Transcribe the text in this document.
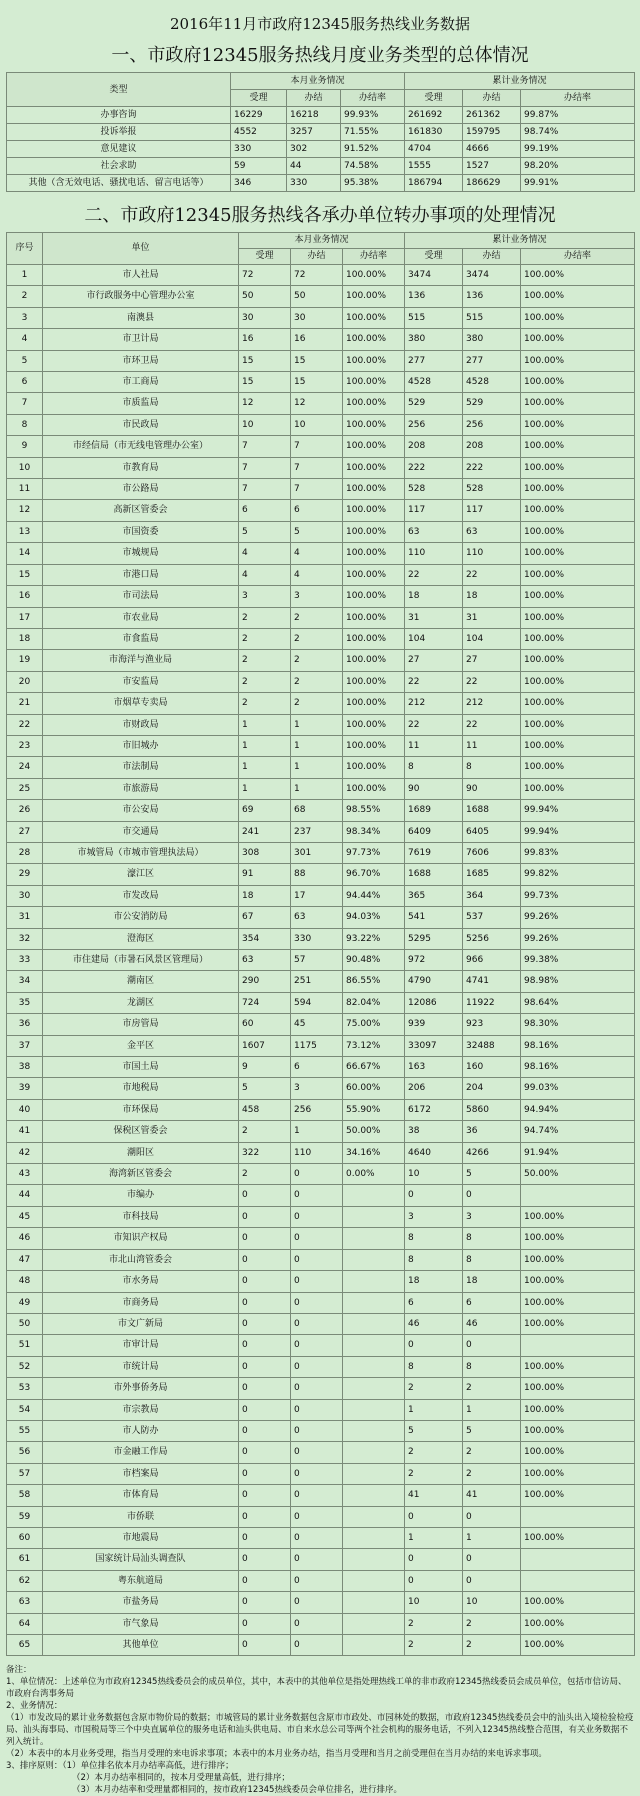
2016年11月市政府12345服务热线业务数据
一、市政府12345服务热线月度业务类型的总体情况
类型	本月业务情况			累计业务情况		
	受理	办结	办结率	受理	办结	办结率
办事咨询	16229	16218	99.93%	261692	261362	99.87%
投诉举报	4552	3257	71.55%	161830	159795	98.74%
意见建议	330	302	91.52%	4704	4666	99.19%
社会求助	59	44	74.58%	1555	1527	98.20%
其他（含无效电话、骚扰电话、留言电话等）	346	330	95.38%	186794	186629	99.91%
二、市政府12345服务热线各承办单位转办事项的处理情况
序号	单位	本月业务情况			累计业务情况		
		受理	办结	办结率	受理	办结	办结率
1	市人社局	72	72	100.00%	3474	3474	100.00%
2	市行政服务中心管理办公室	50	50	100.00%	136	136	100.00%
3	南澳县	30	30	100.00%	515	515	100.00%
4	市卫计局	16	16	100.00%	380	380	100.00%
5	市环卫局	15	15	100.00%	277	277	100.00%
6	市工商局	15	15	100.00%	4528	4528	100.00%
7	市质监局	12	12	100.00%	529	529	100.00%
8	市民政局	10	10	100.00%	256	256	100.00%
9	市经信局（市无线电管理办公室）	7	7	100.00%	208	208	100.00%
10	市教育局	7	7	100.00%	222	222	100.00%
11	市公路局	7	7	100.00%	528	528	100.00%
12	高新区管委会	6	6	100.00%	117	117	100.00%
13	市国资委	5	5	100.00%	63	63	100.00%
14	市城规局	4	4	100.00%	110	110	100.00%
15	市港口局	4	4	100.00%	22	22	100.00%
16	市司法局	3	3	100.00%	18	18	100.00%
17	市农业局	2	2	100.00%	31	31	100.00%
18	市食监局	2	2	100.00%	104	104	100.00%
19	市海洋与渔业局	2	2	100.00%	27	27	100.00%
20	市安监局	2	2	100.00%	22	22	100.00%
21	市烟草专卖局	2	2	100.00%	212	212	100.00%
22	市财政局	1	1	100.00%	22	22	100.00%
23	市旧城办	1	1	100.00%	11	11	100.00%
24	市法制局	1	1	100.00%	8	8	100.00%
25	市旅游局	1	1	100.00%	90	90	100.00%
26	市公安局	69	68	98.55%	1689	1688	99.94%
27	市交通局	241	237	98.34%	6409	6405	99.94%
28	市城管局（市城市管理执法局）	308	301	97.73%	7619	7606	99.83%
29	濠江区	91	88	96.70%	1688	1685	99.82%
30	市发改局	18	17	94.44%	365	364	99.73%
31	市公安消防局	67	63	94.03%	541	537	99.26%
32	澄海区	354	330	93.22%	5295	5256	99.26%
33	市住建局（市暑石风景区管理局）	63	57	90.48%	972	966	99.38%
34	潮南区	290	251	86.55%	4790	4741	98.98%
35	龙湖区	724	594	82.04%	12086	11922	98.64%
36	市房管局	60	45	75.00%	939	923	98.30%
37	金平区	1607	1175	73.12%	33097	32488	98.16%
38	市国土局	9	6	66.67%	163	160	98.16%
39	市地税局	5	3	60.00%	206	204	99.03%
40	市环保局	458	256	55.90%	6172	5860	94.94%
41	保税区管委会	2	1	50.00%	38	36	94.74%
42	潮阳区	322	110	34.16%	4640	4266	91.94%
43	海湾新区管委会	2	0	0.00%	10	5	50.00%
44	市编办	0	0		0	0	
45	市科技局	0	0		3	3	100.00%
46	市知识产权局	0	0		8	8	100.00%
47	市北山湾管委会	0	0		8	8	100.00%
48	市水务局	0	0		18	18	100.00%
49	市商务局	0	0		6	6	100.00%
50	市文广新局	0	0		46	46	100.00%
51	市审计局	0	0		0	0	
52	市统计局	0	0		8	8	100.00%
53	市外事侨务局	0	0		2	2	100.00%
54	市宗教局	0	0		1	1	100.00%
55	市人防办	0	0		5	5	100.00%
56	市金融工作局	0	0		2	2	100.00%
57	市档案局	0	0		2	2	100.00%
58	市体育局	0	0		41	41	100.00%
59	市侨联	0	0		0	0	
60	市地震局	0	0		1	1	100.00%
61	国家统计局汕头调查队	0	0		0	0	
62	粤东航道局	0	0		0	0	
63	市盐务局	0	0		10	10	100.00%
64	市气象局	0	0		2	2	100.00%
65	其他单位	0	0		2	2	100.00%

备注：

1、单位情况：上述单位为市政府12345热线委员会的成员单位，其中，本表中的其他单位是指处理热线工单的非市政府12345热线委员会成员单位，包括市信访局、市政府台湾事务局

2、业务情况：

（1）市发改局的累计业务数据包含原市物价局的数据；市城管局的累计业务数据包含原市市政处、市园林处的数据，市政府12345热线委员会中的汕头出入境检验检疫局、汕头海事局、市国税局等三个中央直属单位的服务电话和汕头供电局、市自来水总公司等两个社会机构的服务电话，不列入12345热线整合范围，有关业务数据不列入统计。

（2）本表中的本月业务受理，指当月受理的来电诉求事项；本表中的本月业务办结，指当月受理和当月之前受理但在当月办结的来电诉求事项。

3、排序原则：（1）单位排名依本月办结率高低，进行排序；

（2）本月办结率相同的，按本月受理量高低，进行排序；

（3）本月办结率和受理量都相同的，按市政府12345热线委员会单位排名，进行排序。
